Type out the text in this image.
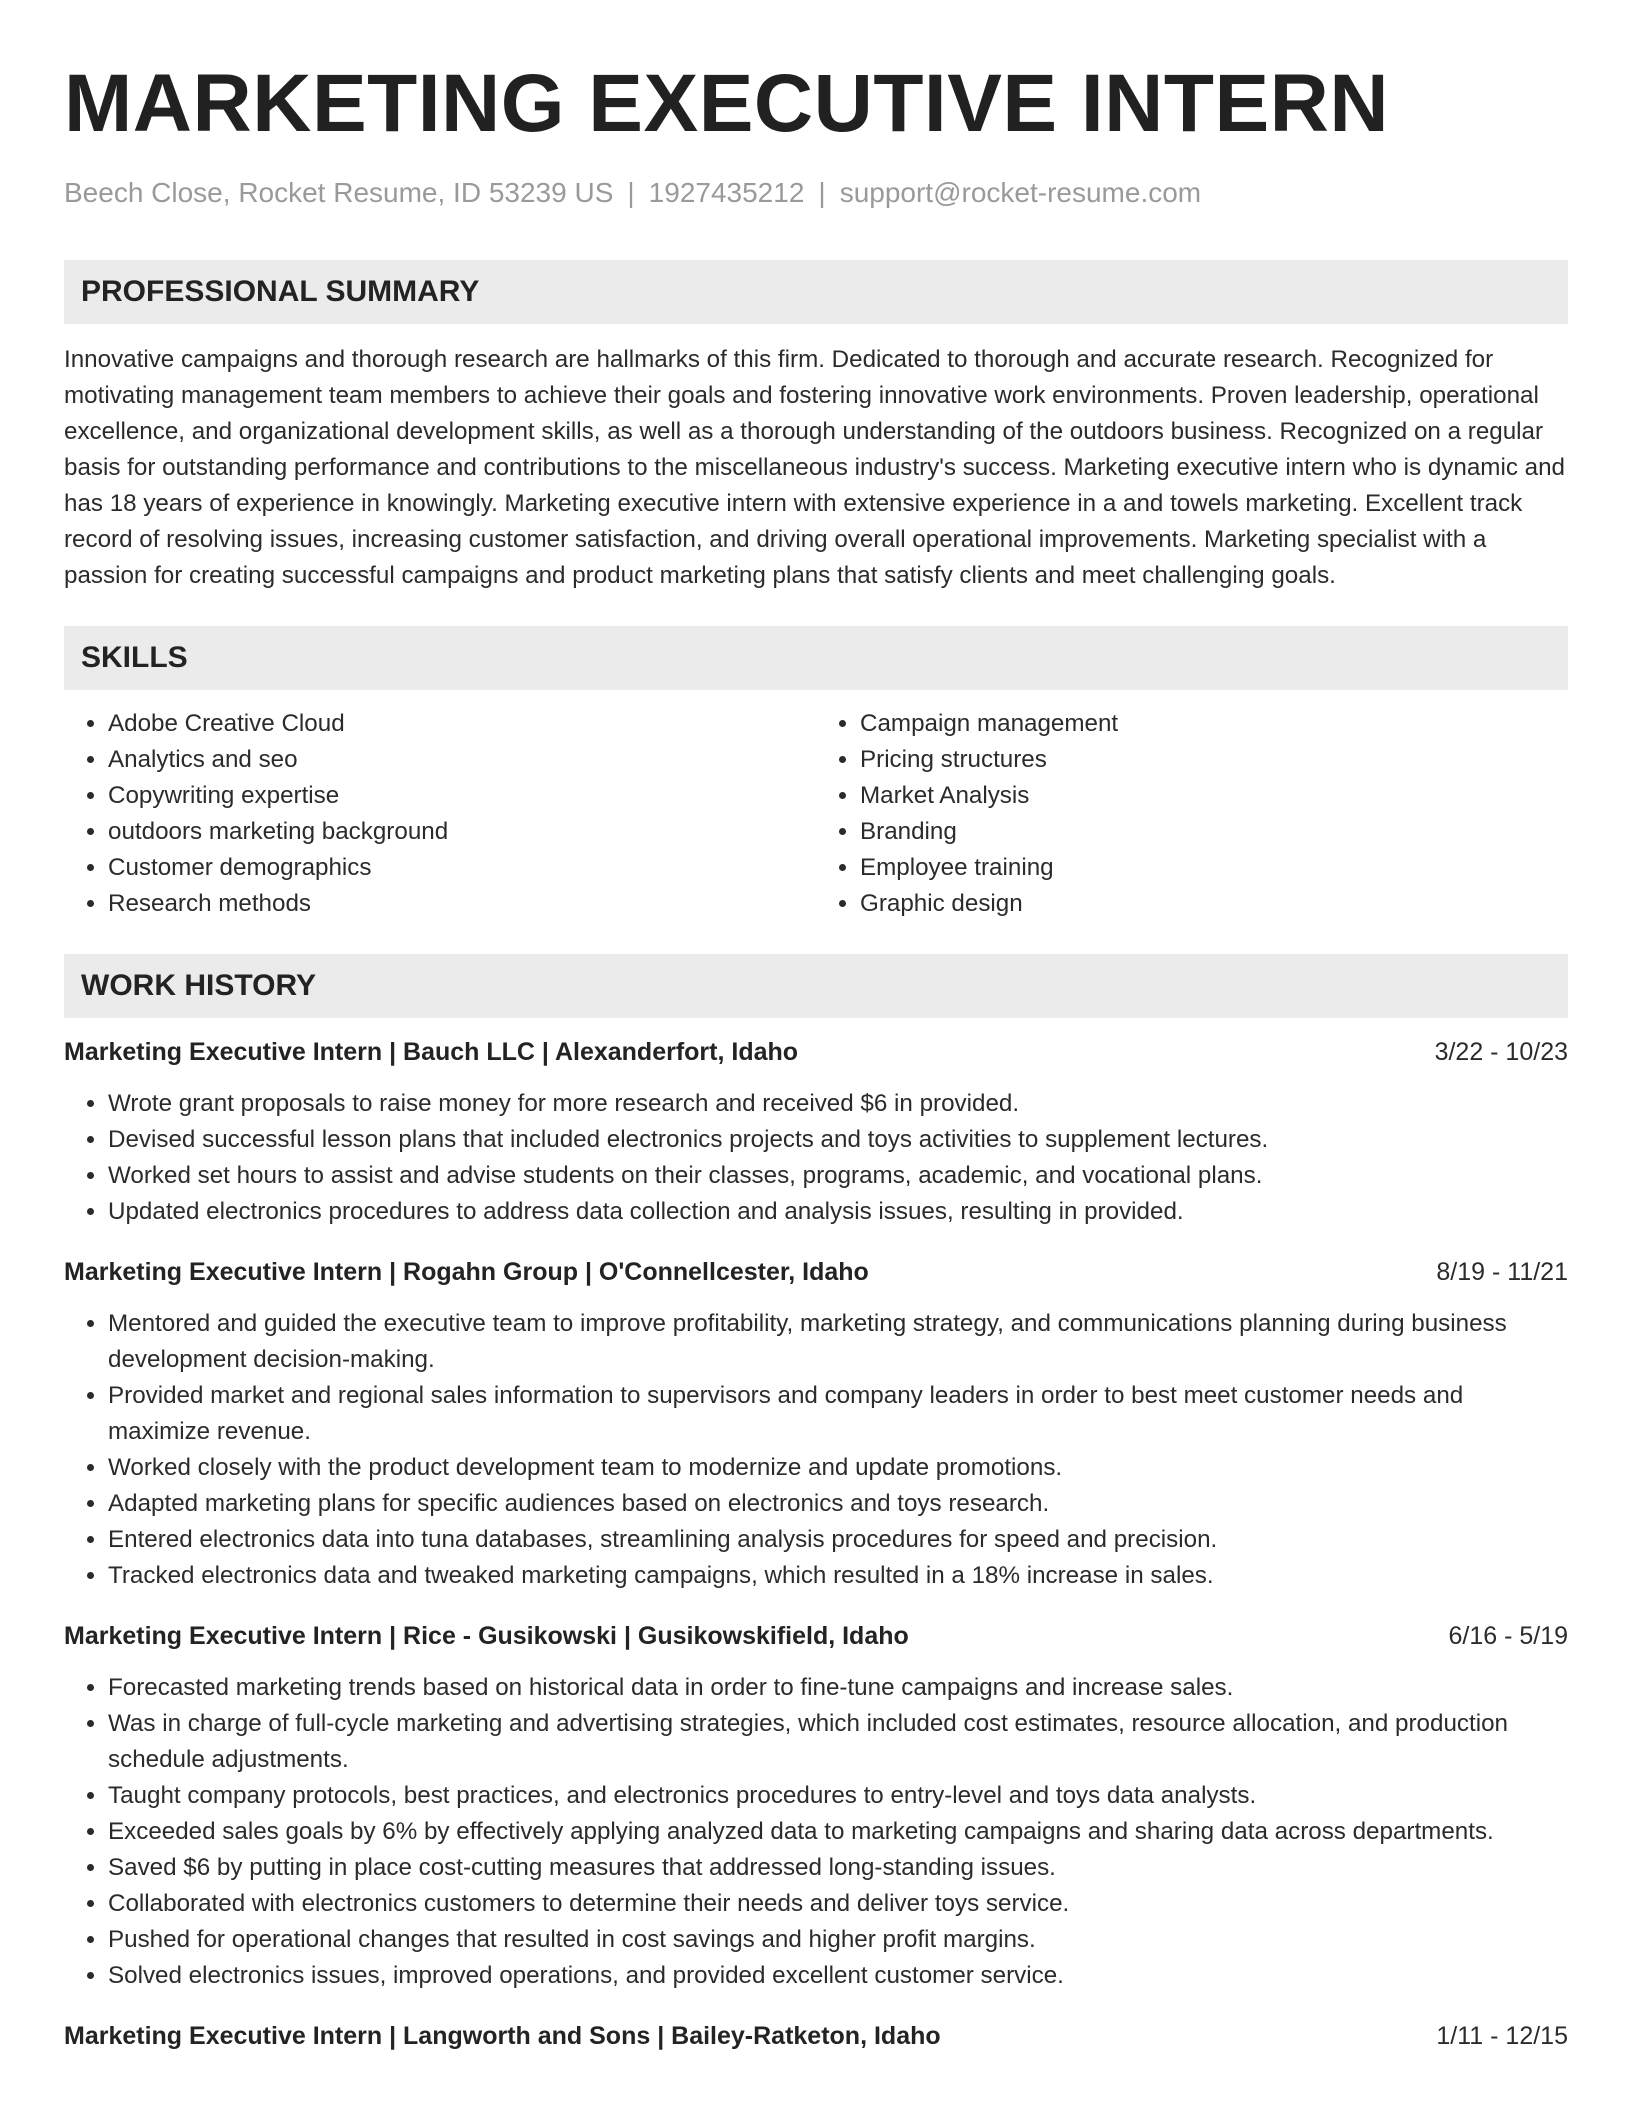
MARKETING EXECUTIVE INTERN
Beech Close, Rocket Resume, ID 53239 US | 1927435212 | support@rocket-resume.com
PROFESSIONAL SUMMARY

Innovative campaigns and thorough research are hallmarks of this firm. Dedicated to thorough and accurate research. Recognized for motivating management team members to achieve their goals and fostering innovative work environments. Proven leadership, operational excellence, and organizational development skills, as well as a thorough understanding of the outdoors business. Recognized on a regular basis for outstanding performance and contributions to the miscellaneous industry's success. Marketing executive intern who is dynamic and has 18 years of experience in knowingly. Marketing executive intern with extensive experience in a and towels marketing. Excellent track record of resolving issues, increasing customer satisfaction, and driving overall operational improvements. Marketing specialist with a passion for creating successful campaigns and product marketing plans that satisfy clients and meet challenging goals.

SKILLS
• Adobe Creative Cloud
• Analytics and seo
• Copywriting expertise
• outdoors marketing background
• Customer demographics
• Research methods
• Campaign management
• Pricing structures
• Market Analysis
• Branding
• Employee training
• Graphic design
WORK HISTORY
Marketing Executive Intern | Bauch LLC | Alexanderfort, Idaho	3/22 - 10/23
• Wrote grant proposals to raise money for more research and received $6 in provided.
• Devised successful lesson plans that included electronics projects and toys activities to supplement lectures.
• Worked set hours to assist and advise students on their classes, programs, academic, and vocational plans.
• Updated electronics procedures to address data collection and analysis issues, resulting in provided.
Marketing Executive Intern | Rogahn Group | O'Connellcester, Idaho	8/19 - 11/21
• Mentored and guided the executive team to improve profitability, marketing strategy, and communications planning during business development decision-making.
• Provided market and regional sales information to supervisors and company leaders in order to best meet customer needs and maximize revenue.
• Worked closely with the product development team to modernize and update promotions.
• Adapted marketing plans for specific audiences based on electronics and toys research.
• Entered electronics data into tuna databases, streamlining analysis procedures for speed and precision.
• Tracked electronics data and tweaked marketing campaigns, which resulted in a 18% increase in sales.
Marketing Executive Intern | Rice - Gusikowski | Gusikowskifield, Idaho	6/16 - 5/19
• Forecasted marketing trends based on historical data in order to fine-tune campaigns and increase sales.
• Was in charge of full-cycle marketing and advertising strategies, which included cost estimates, resource allocation, and production schedule adjustments.
• Taught company protocols, best practices, and electronics procedures to entry-level and toys data analysts.
• Exceeded sales goals by 6% by effectively applying analyzed data to marketing campaigns and sharing data across departments.
• Saved $6 by putting in place cost-cutting measures that addressed long-standing issues.
• Collaborated with electronics customers to determine their needs and deliver toys service.
• Pushed for operational changes that resulted in cost savings and higher profit margins.
• Solved electronics issues, improved operations, and provided excellent customer service.
Marketing Executive Intern | Langworth and Sons | Bailey-Ratketon, Idaho	1/11 - 12/15
